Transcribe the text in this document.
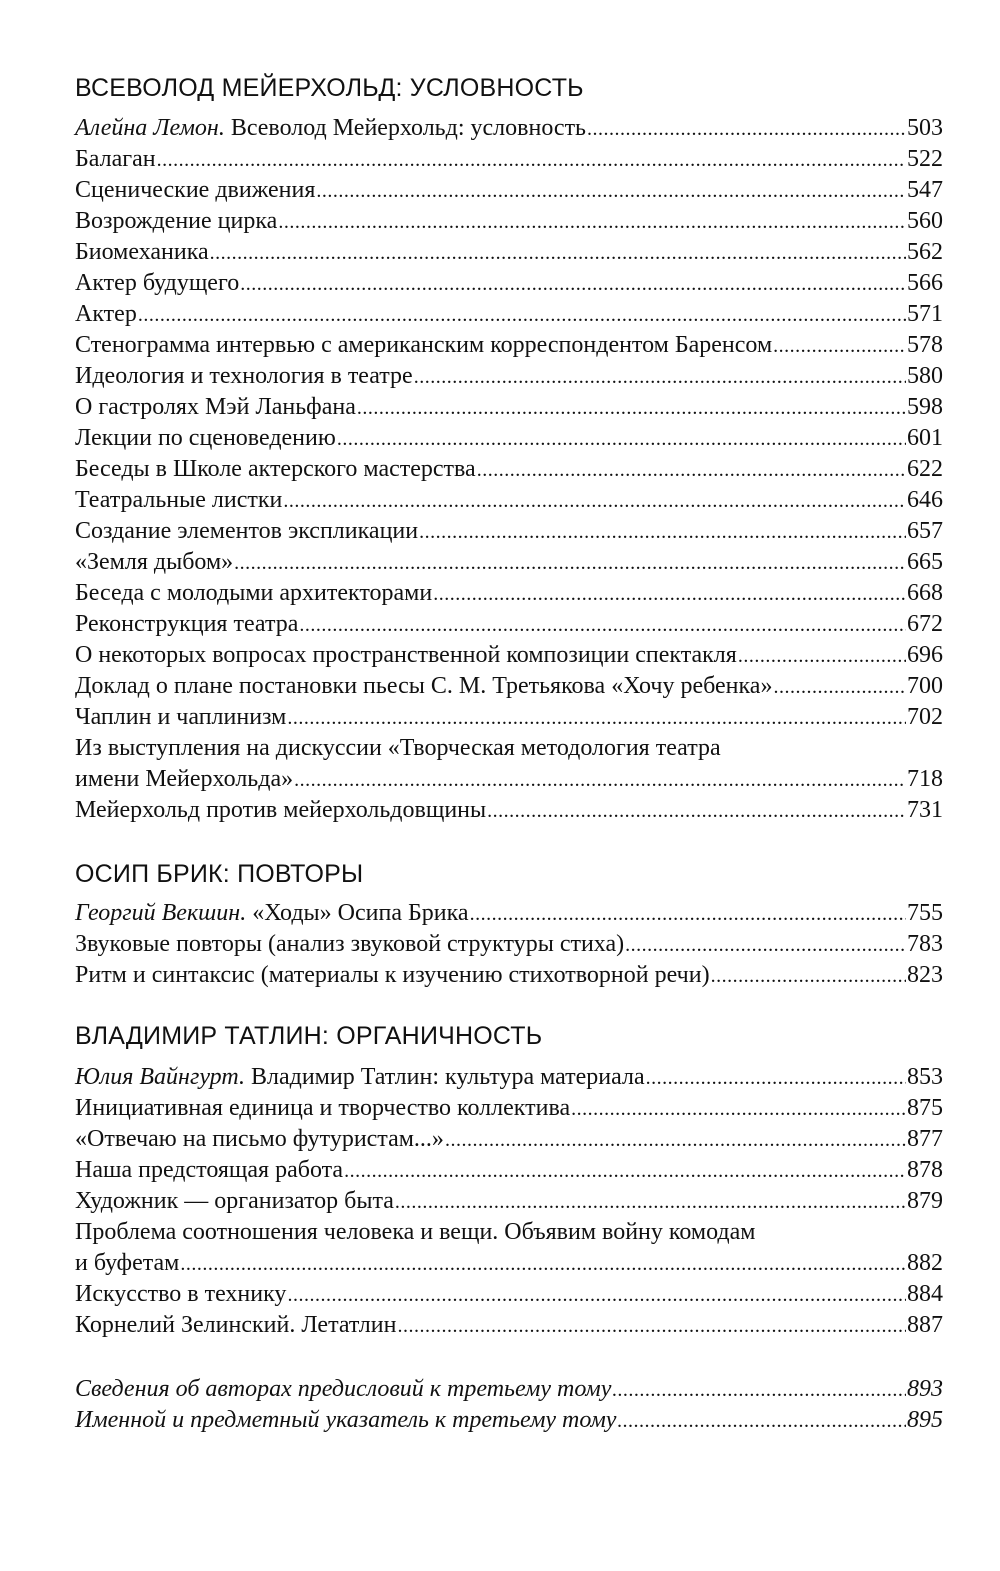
ВСЕВОЛОД МЕЙЕРХОЛЬД: УСЛОВНОСТЬ
Алейна Лемон. Всеволод Мейерхольд: условность .....	503
Балаган .....	522
Сценические движения .....	547
Возрождение цирка .....	560
Биомеханика .....	562
Актер будущего .....	566
Актер .....	571
Стенограмма интервью с американским корреспондентом Баренсом .....	578
Идеология и технология в театре .....	580
О гастролях Мэй Ланьфана .....	598
Лекции по сценоведению .....	601
Беседы в Школе актерского мастерства .....	622
Театральные листки .....	646
Создание элементов экспликации .....	657
«Земля дыбом» .....	665
Беседа с молодыми архитекторами .....	668
Реконструкция театра .....	672
О некоторых вопросах пространственной композиции спектакля .....	696
Доклад о плане постановки пьесы С. М. Третьякова «Хочу ребенка» .....	700
Чаплин и чаплинизм .....	702
Из выступления на дискуссии «Творческая методология театра
имени Мейерхольда» .....	718
Мейерхольд против мейерхольдовщины .....	731
ОСИП БРИК: ПОВТОРЫ
Георгий Векшин. «Ходы» Осипа Брика .....	755
Звуковые повторы (анализ звуковой структуры стиха) .....	783
Ритм и синтаксис (материалы к изучению стихотворной речи) .....	823
ВЛАДИМИР ТАТЛИН: ОРГАНИЧНОСТЬ
Юлия Вайнгурт. Владимир Татлин: культура материала .....	853
Инициативная единица и творчество коллектива .....	875
«Отвечаю на письмо футуристам...» .....	877
Наша предстоящая работа .....	878
Художник — организатор быта .....	879
Проблема соотношения человека и вещи. Объявим войну комодам
и буфетам .....	882
Искусство в технику .....	884
Корнелий Зелинский. Летатлин .....	887
Сведения об авторах предисловий к третьему тому .....	893
Именной и предметный указатель к третьему тому .....	895
